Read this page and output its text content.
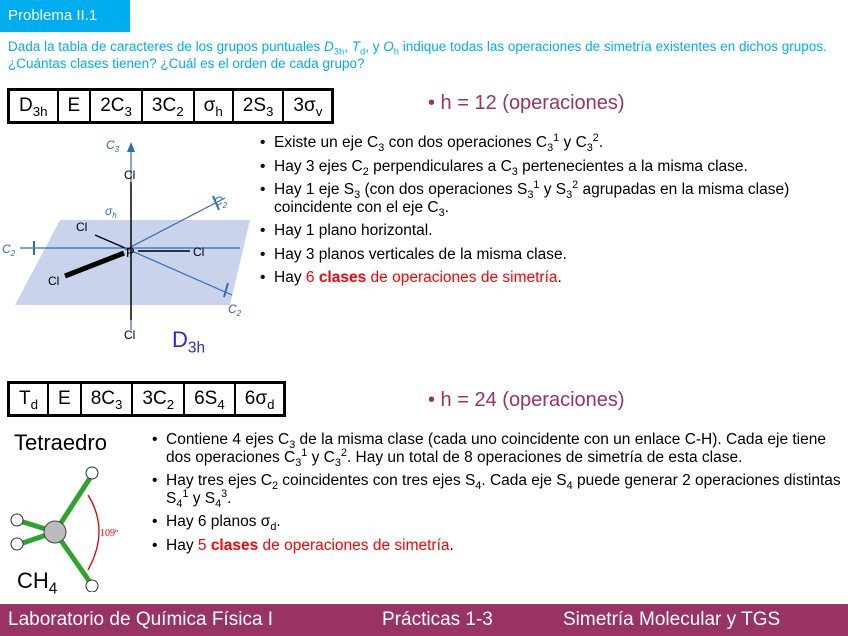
Problema II.1
Dada la tabla de caracteres de los grupos puntuales $D_{3h}$, $T_d$, y $O_h$ indique todas las operaciones de simetría existentes en dichos grupos. ¿Cuántas clases tienen? ¿Cuál es el orden de cada grupo?
$D_{3h}$	E	$2C_3$	$3C_2$	$\sigma_h$	$2S_3$	$3\sigma_v$	• h = 12 (operaciones)
$C_3$
$C_2$
$C_2$
$C_2$
$\sigma_h$
Cl
Cl
Cl
Cl
Cl
P
$D_{3h}$
• Existe un eje $C_3$ con dos operaciones $C_3^1$ y $C_3^2$.
• Hay 3 ejes $C_2$ perpendiculares a $C_3$ pertenecientes a la misma clase.
• Hay 1 eje $S_3$ (con dos operaciones $S_3^1$ y $S_3^2$ agrupadas en la misma clase) coincidente con el eje $C_3$.
• Hay 1 plano horizontal.
• Hay 3 planos verticales de la misma clase.
• Hay 6 clases de operaciones de simetría.
$T_d$	E	$8C_3$	$3C_2$	$6S_4$	$6\sigma_d$	• h = 24 (operaciones)
Tetraedro
109º
$CH_4$
• Contiene 4 ejes $C_3$ de la misma clase (cada uno coincidente con un enlace C-H). Cada eje tiene dos operaciones $C_3^1$ y $C_3^2$. Hay un total de 8 operaciones de simetría de esta clase.
• Hay tres ejes $C_2$ coincidentes con tres ejes $S_4$. Cada eje $S_4$ puede generar 2 operaciones distintas $S_4^1$ y $S_4^3$.
• Hay 6 planos $\sigma_d$.
• Hay 5 clases de operaciones de simetría.
Laboratorio de Química Física I	Prácticas 1-3	Simetría Molecular y TGS
